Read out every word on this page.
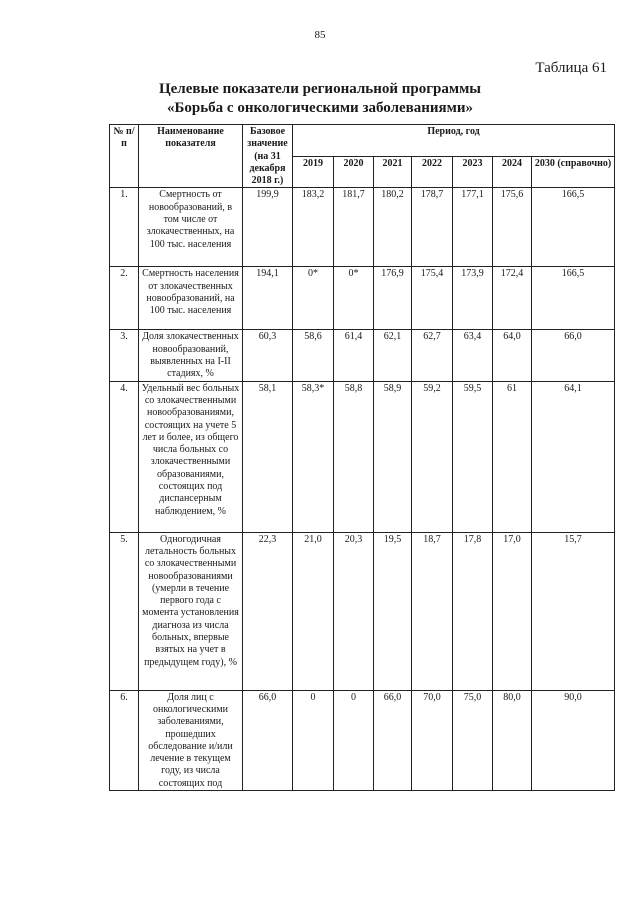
85
Таблица 61
Целевые показатели региональной программы
«Борьба с онкологическими заболеваниями»
№ п/п	Наименование показателя	Базовое значение (на 31 декабря 2018 г.)	Период, год						
			2019	2020	2021	2022	2023	2024	2030 (справочно)
1.	Смертность от новообразований, в том числе от злокачественных, на 100 тыс. населения	199,9	183,2	181,7	180,2	178,7	177,1	175,6	166,5
2.	Смертность населения от злокачественных новообразований, на 100 тыс. населения	194,1	0*	0*	176,9	175,4	173,9	172,4	166,5
3.	Доля злокачественных новообразований, выявленных на I-II стадиях, %	60,3	58,6	61,4	62,1	62,7	63,4	64,0	66,0
4.	Удельный вес больных со злокачественными новообразованиями, состоящих на учете 5 лет и более, из общего числа больных со злокачественными образованиями, состоящих под диспансерным наблюдением, %	58,1	58,3*	58,8	58,9	59,2	59,5	61	64,1
5.	Одногодичная летальность больных со злокачественными новообразованиями (умерли в течение первого года с момента установления диагноза из числа больных, впервые взятых на учет в предыдущем году), %	22,3	21,0	20,3	19,5	18,7	17,8	17,0	15,7
6.	Доля лиц с онкологическими заболеваниями, прошедших обследование и/или лечение в текущем году, из числа состоящих под	66,0	0	0	66,0	70,0	75,0	80,0	90,0
